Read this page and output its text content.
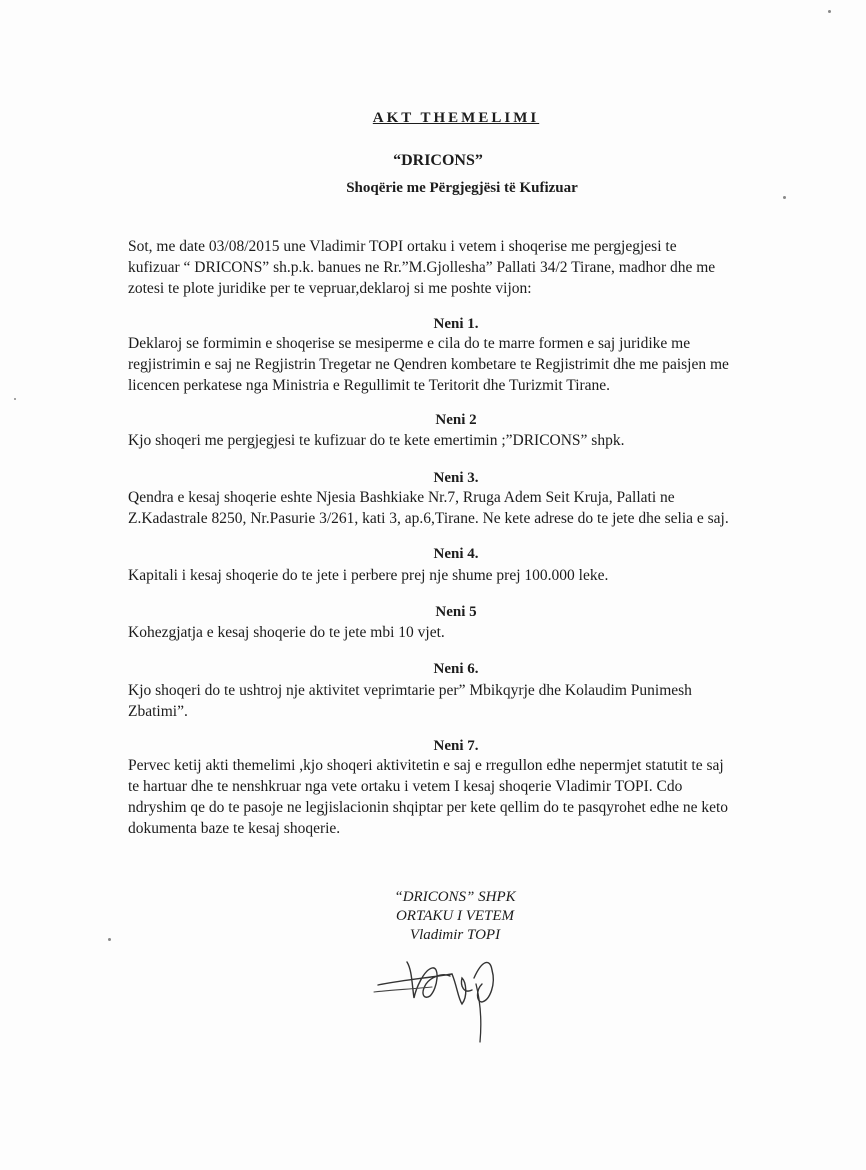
AKT THEMELIMI
“DRICONS”
Shoqërie me Përgjegjësi të Kufizuar
Sot, me date 03/08/2015 une Vladimir TOPI ortaku i vetem i shoqerise me pergjegjesi te
kufizuar “ DRICONS” sh.p.k. banues ne Rr.”M.Gjollesha” Pallati 34/2 Tirane, madhor dhe me
zotesi te plote juridike per te vepruar,deklaroj si me poshte vijon:
Neni 1.
Deklaroj se formimin e shoqerise se mesiperme e cila do te marre formen e saj juridike me
regjistrimin e saj ne Regjistrin Tregetar ne Qendren kombetare te Regjistrimit dhe me paisjen me
licencen perkatese nga Ministria e Regullimit te Teritorit dhe Turizmit Tirane.
Neni 2
Kjo shoqeri me pergjegjesi te kufizuar do te kete emertimin ;”DRICONS” shpk.
Neni 3.
Qendra e kesaj shoqerie eshte Njesia Bashkiake Nr.7, Rruga Adem Seit Kruja, Pallati ne
Z.Kadastrale 8250, Nr.Pasurie 3/261, kati 3, ap.6,Tirane. Ne kete adrese do te jete dhe selia e saj.
Neni 4.
Kapitali i kesaj shoqerie do te jete i perbere prej nje shume prej 100.000 leke.
Neni 5
Kohezgjatja e kesaj shoqerie do te jete mbi 10 vjet.
Neni 6.
Kjo shoqeri do te ushtroj nje aktivitet veprimtarie per” Mbikqyrje dhe Kolaudim Punimesh
Zbatimi”.
Neni 7.
Pervec ketij akti themelimi ,kjo shoqeri aktivitetin e saj e rregullon edhe nepermjet statutit te saj
te hartuar dhe te nenshkruar nga vete ortaku i vetem I kesaj shoqerie Vladimir TOPI. Cdo
ndryshim qe do te pasoje ne legjislacionin shqiptar per kete qellim do te pasqyrohet edhe ne keto
dokumenta baze te kesaj shoqerie.
“DRICONS” SHPK
ORTAKU I VETEM
Vladimir TOPI
